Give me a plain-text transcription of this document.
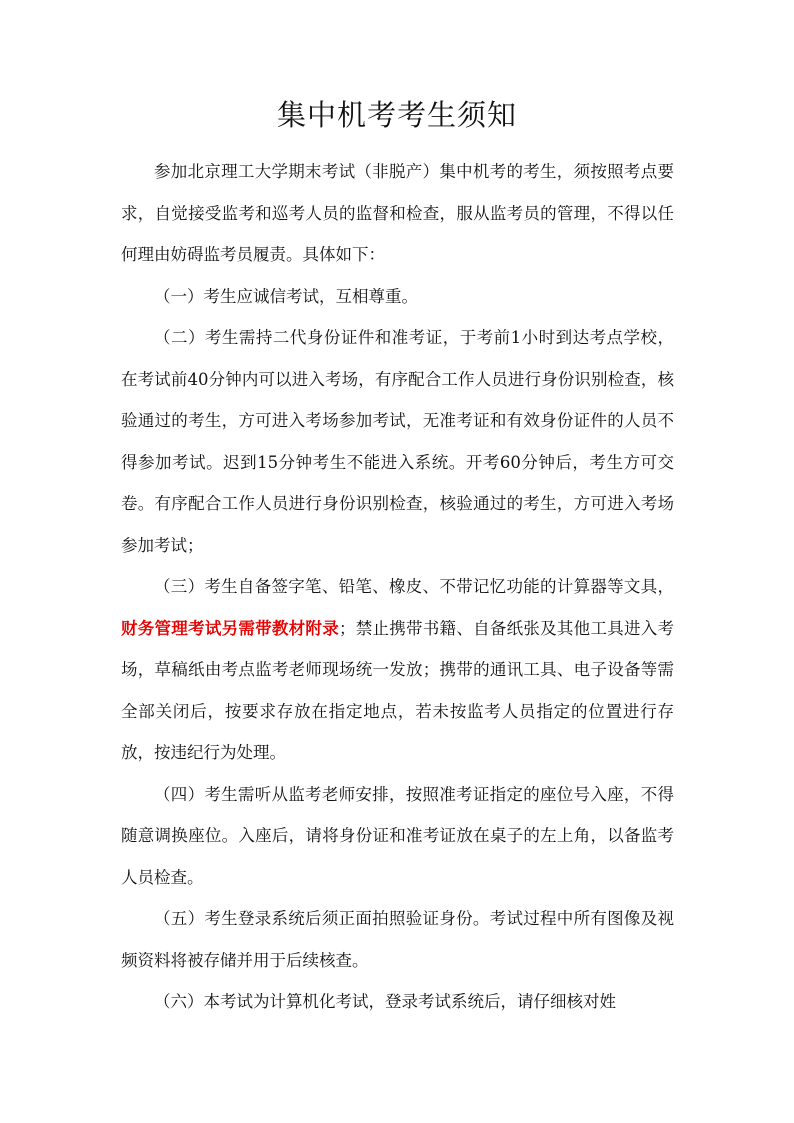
集中机考考生须知

参加北京理工大学期末考试（非脱产）集中机考的考生，须按照考点要求，自觉接受监考和巡考人员的监督和检查，服从监考员的管理，不得以任何理由妨碍监考员履责。具体如下：

（一）考生应诚信考试，互相尊重。

（二）考生需持二代身份证件和准考证，于考前1小时到达考点学校，在考试前40分钟内可以进入考场，有序配合工作人员进行身份识别检查，核验通过的考生，方可进入考场参加考试，无准考证和有效身份证件的人员不得参加考试。迟到15分钟考生不能进入系统。开考60分钟后，考生方可交卷。有序配合工作人员进行身份识别检查，核验通过的考生，方可进入考场参加考试；

（三）考生自备签字笔、铅笔、橡皮、不带记忆功能的计算器等文具，财务管理考试另需带教材附录；禁止携带书籍、自备纸张及其他工具进入考场，草稿纸由考点监考老师现场统一发放；携带的通讯工具、电子设备等需全部关闭后，按要求存放在指定地点，若未按监考人员指定的位置进行存放，按违纪行为处理。

（四）考生需听从监考老师安排，按照准考证指定的座位号入座，不得随意调换座位。入座后，请将身份证和准考证放在桌子的左上角，以备监考人员检查。

（五）考生登录系统后须正面拍照验证身份。考试过程中所有图像及视频资料将被存储并用于后续核查。

（六）本考试为计算机化考试，登录考试系统后，请仔细核对姓
